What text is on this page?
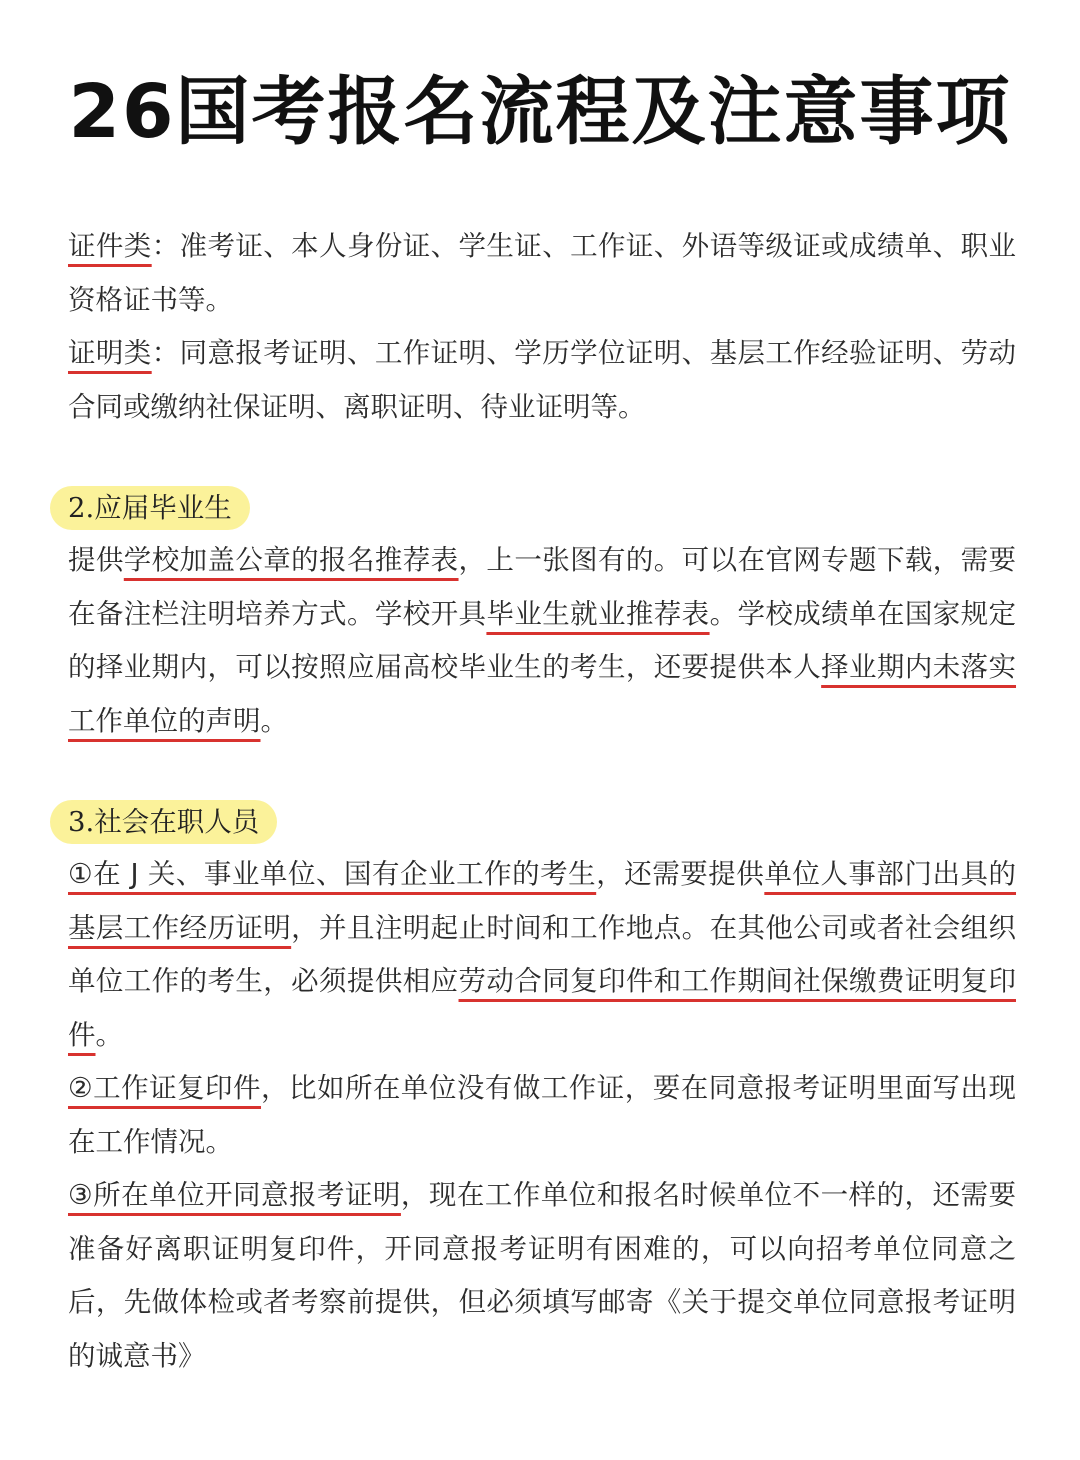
26国考报名流程及注意事项

证件类：准考证、本人身份证、学生证、工作证、外语等级证或成绩单、职业资格证书等。

证明类：同意报考证明、工作证明、学历学位证明、基层工作经验证明、劳动合同或缴纳社保证明、离职证明、待业证明等。

2.应届毕业生

提供学校加盖公章的报名推荐表，上一张图有的。可以在官网专题下载，需要在备注栏注明培养方式。学校开具毕业生就业推荐表。学校成绩单在国家规定的择业期内，可以按照应届高校毕业生的考生，还要提供本人择业期内未落实工作单位的声明。

3.社会在职人员

①在 J 关、事业单位、国有企业工作的考生，还需要提供单位人事部门出具的基层工作经历证明，并且注明起止时间和工作地点。在其他公司或者社会组织单位工作的考生，必须提供相应劳动合同复印件和工作期间社保缴费证明复印件。

②工作证复印件，比如所在单位没有做工作证，要在同意报考证明里面写出现在工作情况。

③所在单位开同意报考证明，现在工作单位和报名时候单位不一样的，还需要准备好离职证明复印件，开同意报考证明有困难的，可以向招考单位同意之后，先做体检或者考察前提供，但必须填写邮寄《关于提交单位同意报考证明的诚意书》
